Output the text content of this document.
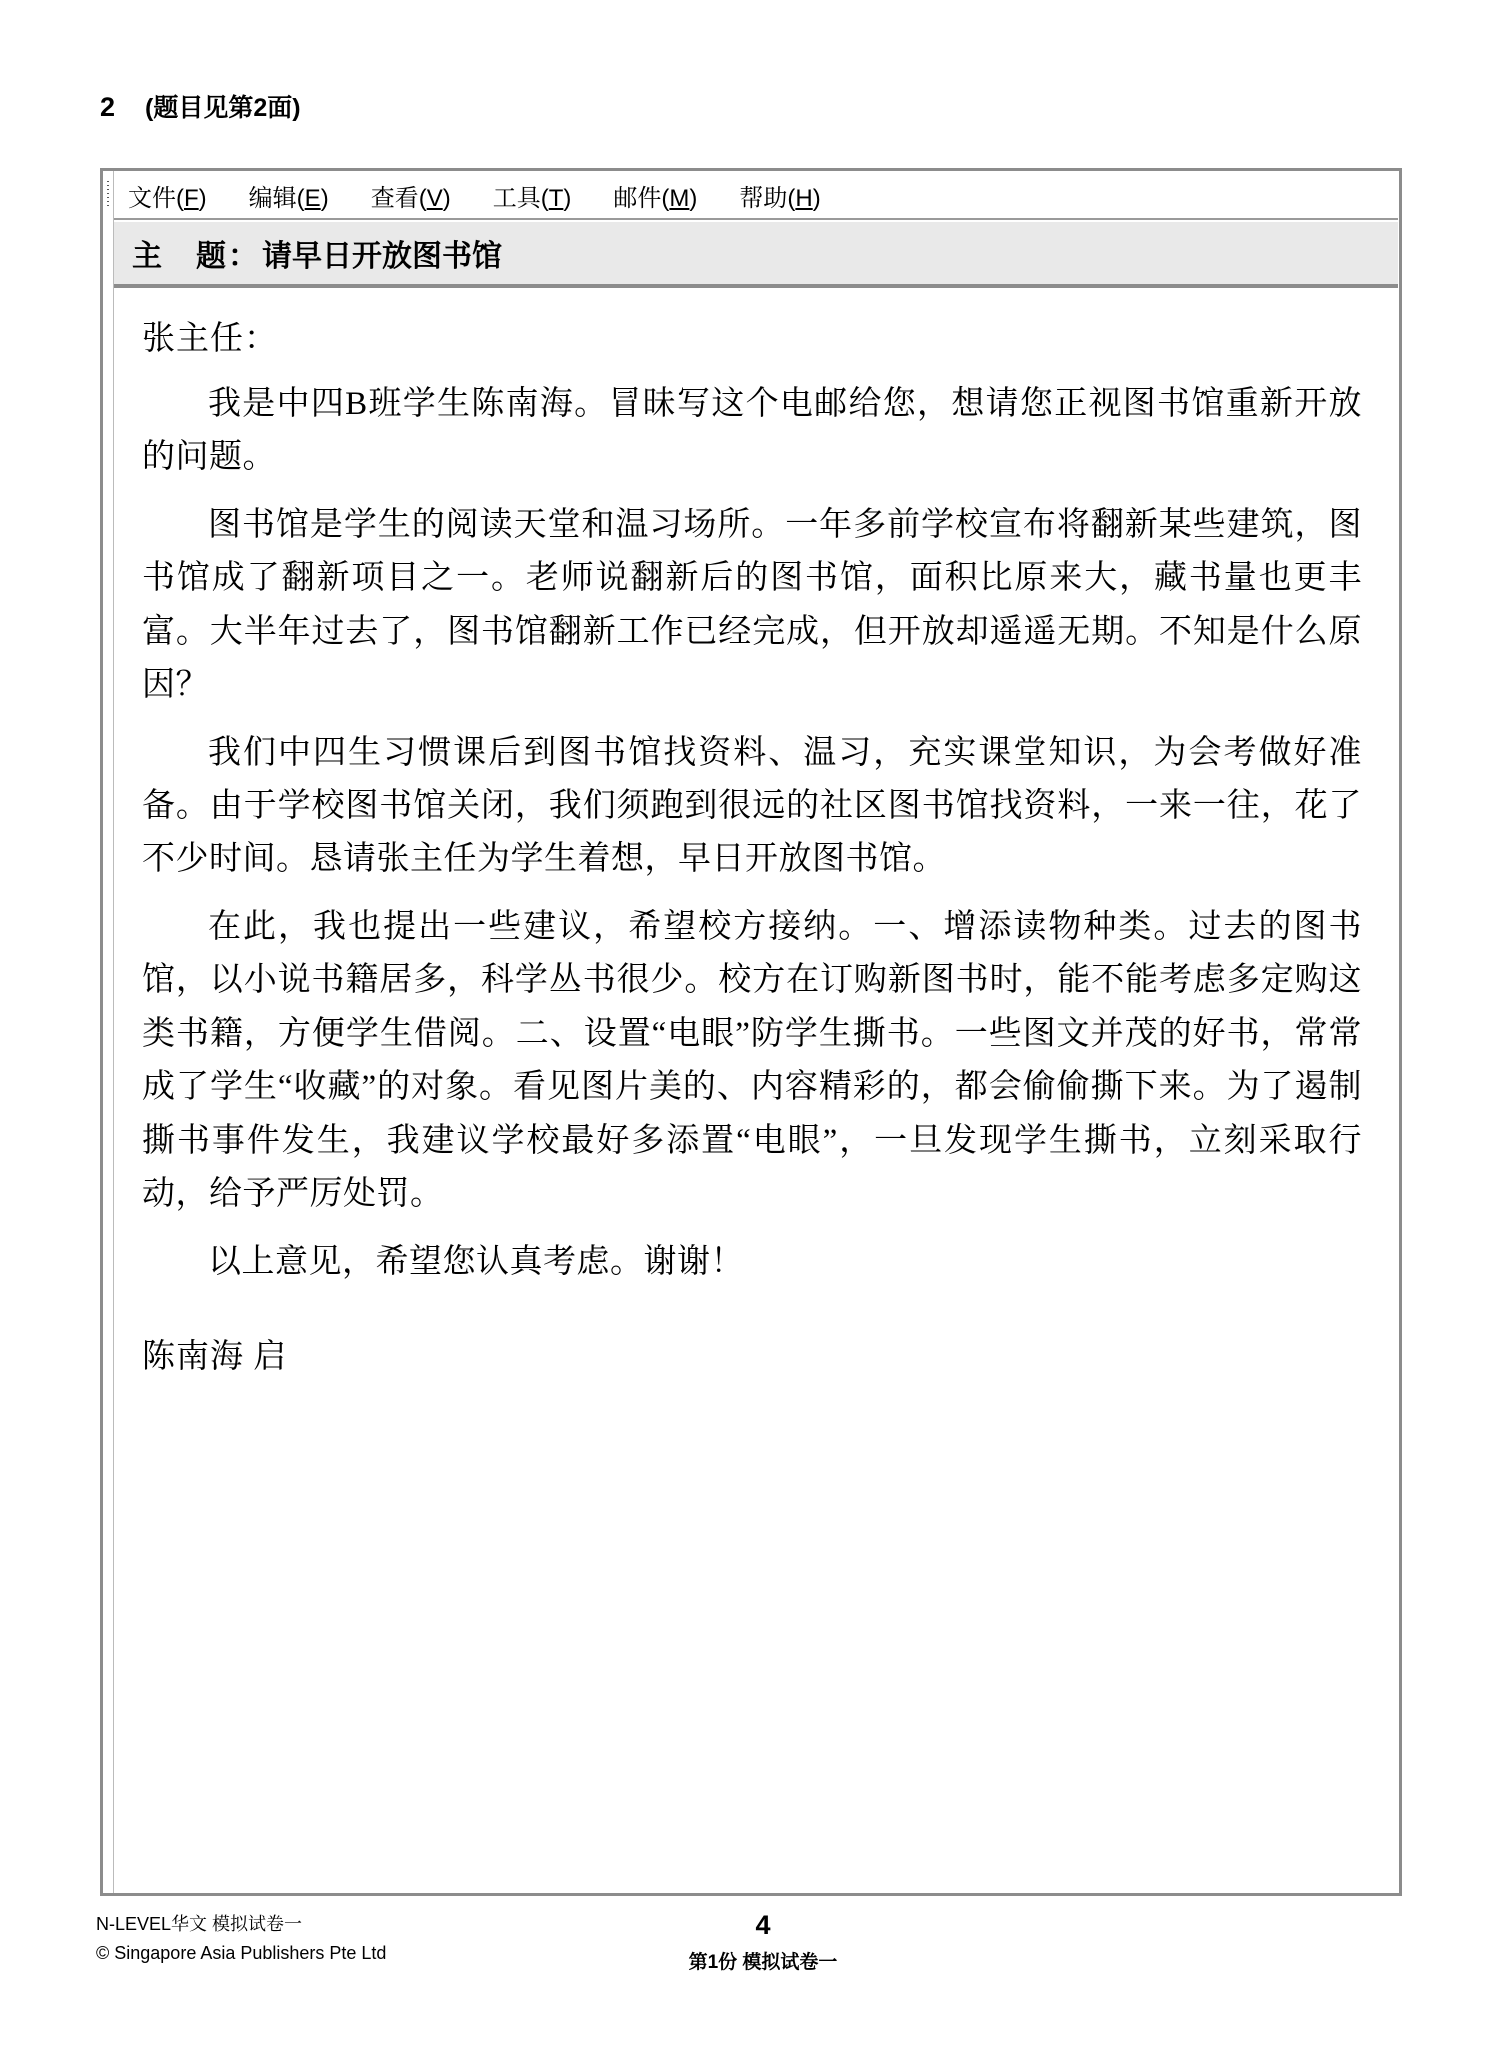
2 (题目见第2面)
文件(F) 编辑(E) 查看(V) 工具(T) 邮件(M) 帮助(H)
主　题： 请早日开放图书馆
张主任：

我是中四B班学生陈南海。冒昧写这个电邮给您，想请您正视图书馆重新开放的问题。

图书馆是学生的阅读天堂和温习场所。一年多前学校宣布将翻新某些建筑，图书馆成了翻新项目之一。老师说翻新后的图书馆，面积比原来大，藏书量也更丰富。大半年过去了，图书馆翻新工作已经完成，但开放却遥遥无期。不知是什么原因？

我们中四生习惯课后到图书馆找资料、温习，充实课堂知识，为会考做好准备。由于学校图书馆关闭，我们须跑到很远的社区图书馆找资料，一来一往，花了不少时间。恳请张主任为学生着想，早日开放图书馆。

在此，我也提出一些建议，希望校方接纳。一、增添读物种类。过去的图书馆，以小说书籍居多，科学丛书很少。校方在订购新图书时，能不能考虑多定购这类书籍，方便学生借阅。二、设置“电眼”防学生撕书。一些图文并茂的好书，常常成了学生“收藏”的对象。看见图片美的、内容精彩的，都会偷偷撕下来。为了遏制撕书事件发生，我建议学校最好多添置“电眼”，一旦发现学生撕书，立刻采取行动，给予严厉处罚。

以上意见，希望您认真考虑。谢谢！

陈南海 启
N-LEVEL华文 模拟试卷一
© Singapore Asia Publishers Pte Ltd
4
第1份 模拟试卷一
